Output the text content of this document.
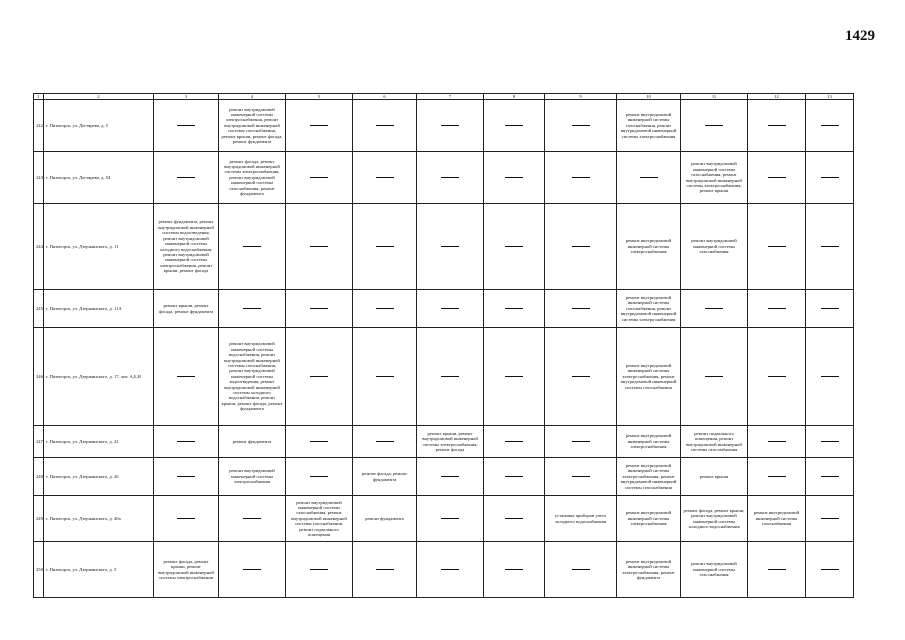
1429
1	2	3	4	5	6	7	8	9	10	11	12	13
242	г. Пятигорск, ул. Дегтярева, д. 5		ремонт внутридомовой инженерной системы электроснабжения, ремонт внутридомовой инженерной системы газоснабжения, ремонт крыши, ремонт фасада, ремонт фундамента						ремонт внутридомовой инженерной системы газоснабжения, ремонт внутридомовой инженерной системы электроснабжения			

243	г. Пятигорск, ул. Дегтярева, д. 54		ремонт фасада, ремонт внутридомовой инженерной системы электроснабжения, ремонт внутридомовой инженерной системы газоснабжения, ремонт фундамента							ремонт внутридомовой инженерной системы газоснабжения, ремонт внутридомовой инженерной системы электроснабжения, ремонт крыши		

244	г. Пятигорск, ул. Дзержинского, д. 11	ремонт фундамента, ремонт внутридомовой инженерной системы водоотведения, ремонт внутридомовой инженерной системы холодного водоснабжения, ремонт внутридомовой инженерной системы электроснабжения, ремонт крыши, ремонт фасада							ремонт внутридомовой инженерной системы электроснабжения	ремонт внутридомовой инженерной системы газоснабжения		

245	г. Пятигорск, ул. Дзержинского, д. 11А	ремонт крыши, ремонт фасада, ремонт фундамента							ремонт внутридомовой инженерной системы газоснабжения, ремонт внутридомовой инженерной системы электроснабжения			

246	г. Пятигорск, ул. Дзержинского, д. 17, лит. А,Б,В		ремонт внутридомовой инженерной системы водоснабжения, ремонт внутридомовой инженерной системы газоснабжения, ремонт внутридомовой инженерной системы водоотведения, ремонт внутридомовой инженерной системы холодного водоснабжения, ремонт крыши, ремонт фасада, ремонт фундамента						ремонт внутридомовой инженерной системы электроснабжения, ремонт внутридомовой инженерной системы газоснабжения			

247	г. Пятигорск, ул. Дзержинского, д. 22		ремонт фундамента			ремонт крыши, ремонт внутридомовой инженерной системы электроснабжения, ремонт фасада			ремонт внутридомовой инженерной системы электроснабжения	ремонт подвального помещения, ремонт внутридомовой инженерной системы газоснабжения		

248	г. Пятигорск, ул. Дзержинского, д. 26		ремонт внутридомовой инженерной системы электроснабжения		ремонт фасада, ремонт фундамента				ремонт внутридомовой инженерной системы электроснабжения, ремонт внутридомовой инженерной системы газоснабжения	ремонт крыши		

249	г. Пятигорск, ул. Дзержинского, д. 40а			ремонт внутридомовой инженерной системы газоснабжения, ремонт внутридомовой инженерной системы газоснабжения, ремонт подвального помещения	ремонт фундамента			установка приборов учета холодного водоснабжения	ремонт внутридомовой инженерной системы электроснабжения	ремонт фасада, ремонт крыши, ремонт внутридомовой инженерной системы холодного водоснабжения	ремонт внутридомовой инженерной системы газоснабжения	

250	г. Пятигорск, ул. Дзержинского, д. 5	ремонт фасада, ремонт крыши, ремонт внутридомовой инженерной системы электроснабжения							ремонт внутридомовой инженерной системы электроснабжения, ремонт фундамента	ремонт внутридомовой инженерной системы газоснабжения		
